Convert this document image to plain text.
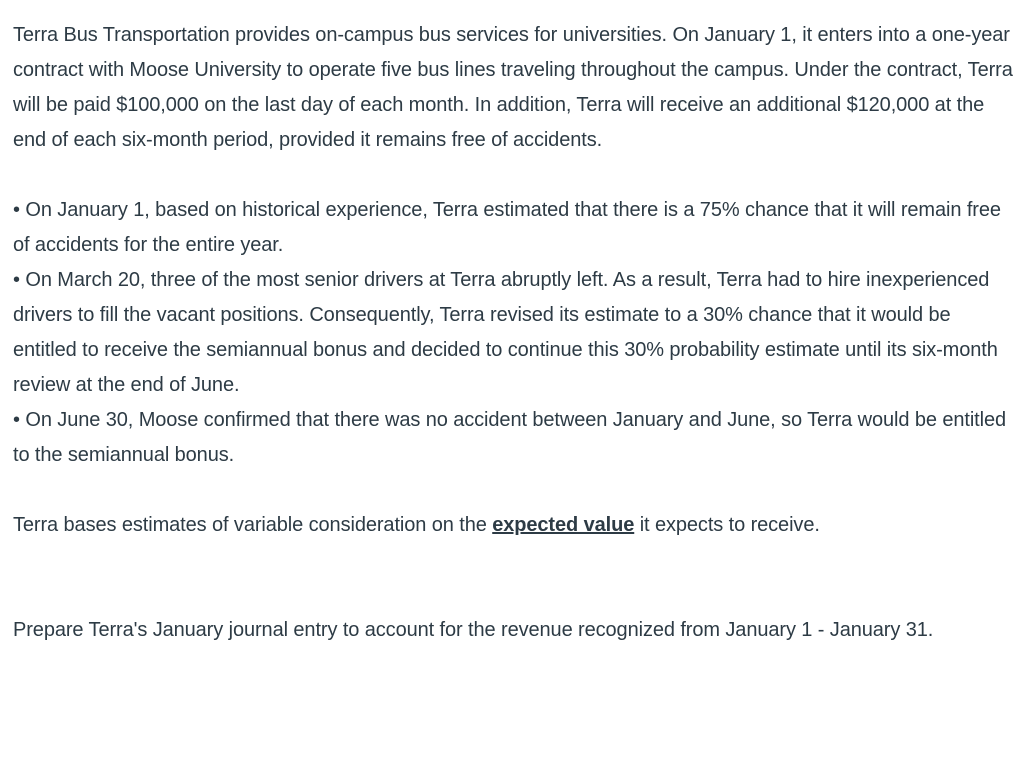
Terra Bus Transportation provides on-campus bus services for universities. On January 1, it enters into a one-year contract with Moose University to operate five bus lines traveling throughout the campus. Under the contract, Terra will be paid $100,000 on the last day of each month. In addition, Terra will receive an additional $120,000 at the end of each six-month period, provided it remains free of accidents.

• On January 1, based on historical experience, Terra estimated that there is a 75% chance that it will remain free of accidents for the entire year.
• On March 20, three of the most senior drivers at Terra abruptly left. As a result, Terra had to hire inexperienced drivers to fill the vacant positions. Consequently, Terra revised its estimate to a 30% chance that it would be entitled to receive the semiannual bonus and decided to continue this 30% probability estimate until its six-month review at the end of June.
• On June 30, Moose confirmed that there was no accident between January and June, so Terra would be entitled to the semiannual bonus.

Terra bases estimates of variable consideration on the expected value it expects to receive.

Prepare Terra's January journal entry to account for the revenue recognized from January 1 - January 31.
